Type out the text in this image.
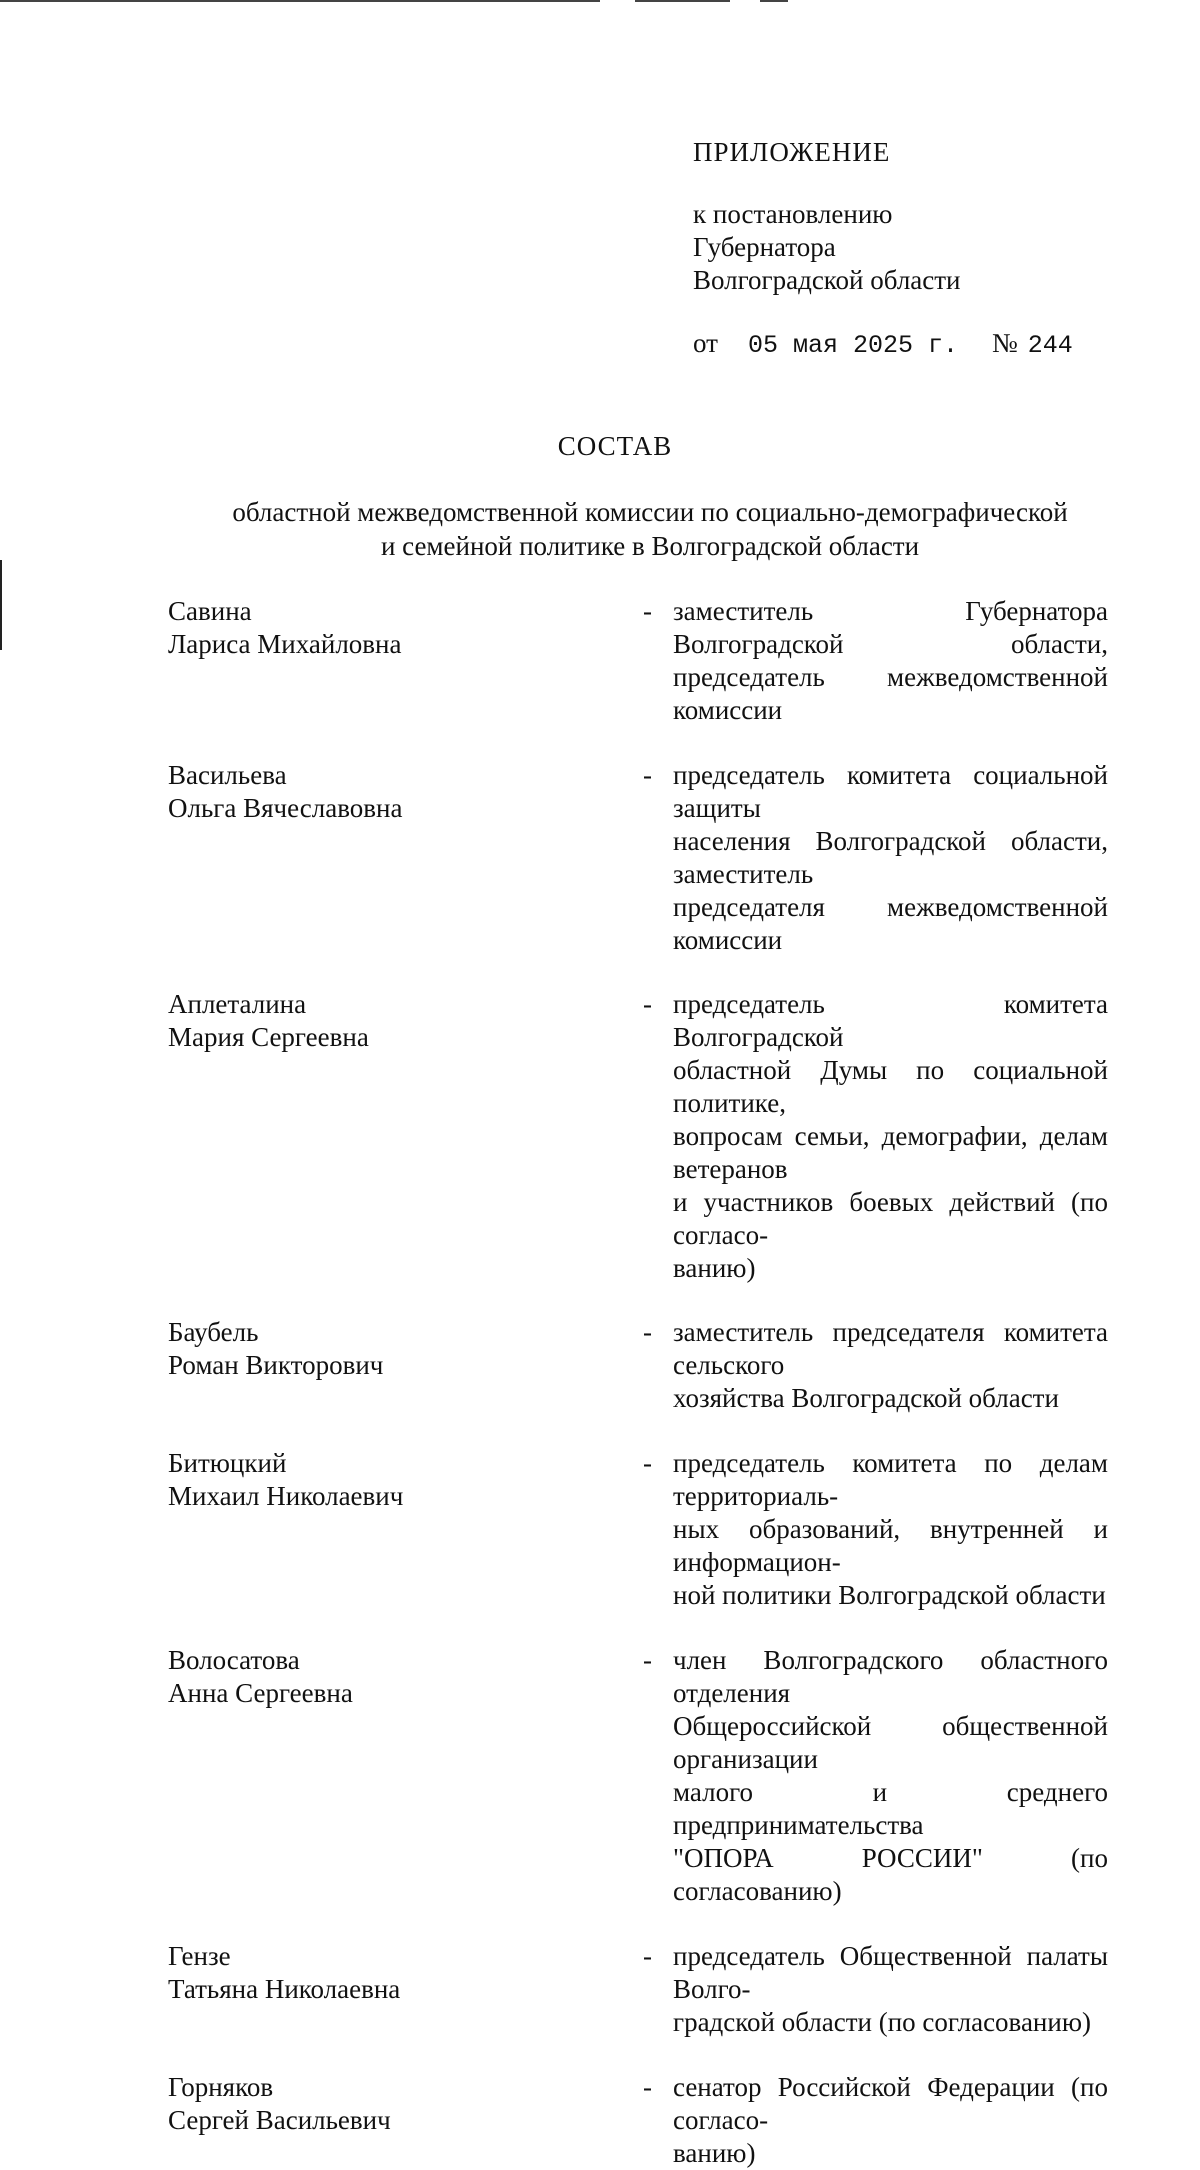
ПРИЛОЖЕНИЕ
к постановлению
Губернатора
Волгоградской области
от 05 мая 2025 г. № 244
СОСТАВ
областной межведомственной комиссии по социально-демографической
и семейной политике в Волгоградской области
Савина
Лариса Михайловна
- заместитель Губернатора Волгоградской области,
председатель межведомственной комиссии
Васильева
Ольга Вячеславовна
- председатель комитета социальной защиты
населения Волгоградской области, заместитель
председателя межведомственной комиссии
Аплеталина
Мария Сергеевна
- председатель комитета Волгоградской
областной Думы по социальной политике,
вопросам семьи, демографии, делам ветеранов
и участников боевых действий (по согласо-
ванию)
Баубель
Роман Викторович
- заместитель председателя комитета сельского
хозяйства Волгоградской области
Битюцкий
Михаил Николаевич
- председатель комитета по делам территориаль-
ных образований, внутренней и информацион-
ной политики Волгоградской области
Волосатова
Анна Сергеевна
- член Волгоградского областного отделения
Общероссийской общественной организации
малого и среднего предпринимательства
"ОПОРА РОССИИ" (по согласованию)
Гензе
Татьяна Николаевна
- председатель Общественной палаты Волго-
градской области (по согласованию)
Горняков
Сергей Васильевич
- сенатор Российской Федерации (по согласо-
ванию)
